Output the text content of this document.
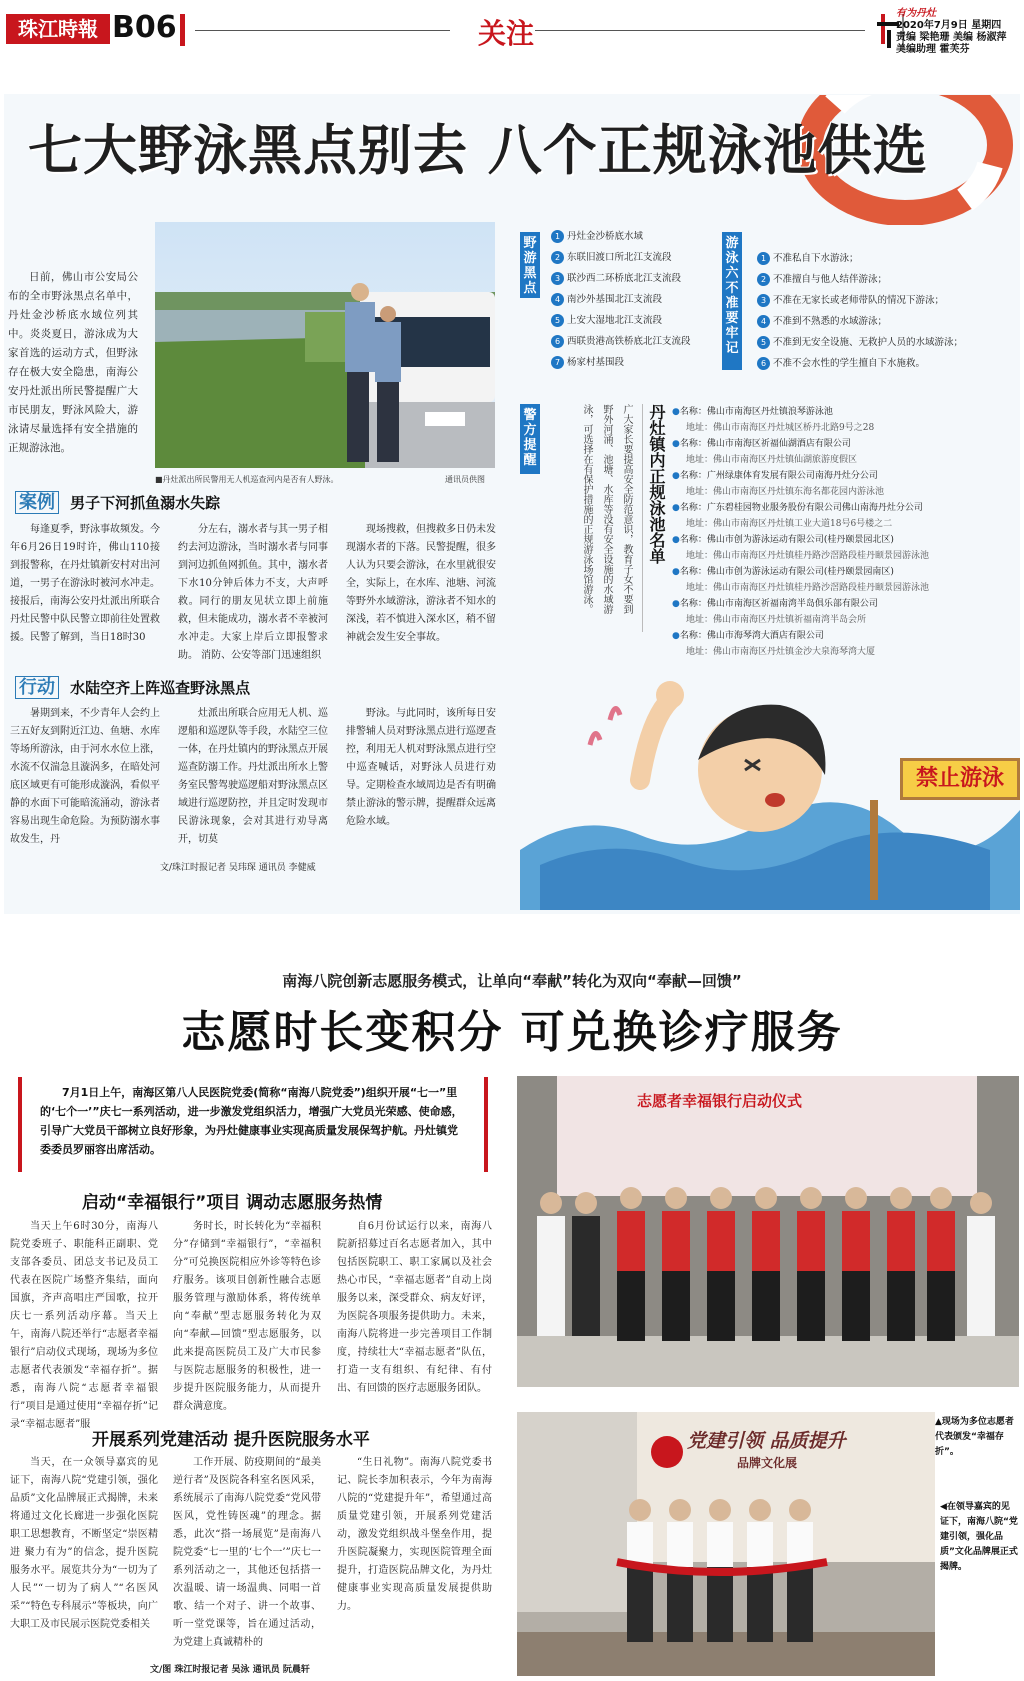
珠江時報 B06	关注
有为丹灶
2020年7月9日 星期四
责编 梁艳珊 美编 杨淑萍
美编助理 霍芙芬
七大野泳黑点别去 八个正规泳池供选

日前，佛山市公安局公布的全市野泳黑点名单中，丹灶金沙桥底水域位列其中。炎炎夏日，游泳成为大家首选的运动方式，但野泳存在极大安全隐患，南海公安丹灶派出所民警提醒广大市民朋友，野泳风险大，游泳请尽量选择有安全措施的正规游泳池。

■丹灶派出所民警用无人机巡查河内是否有人野泳。	通讯员供图
案例 男子下河抓鱼溺水失踪

每逢夏季，野泳事故频发。今年6月26日19时许，佛山110接到报警称，在丹灶镇新安村对出河道，一男子在游泳时被河水冲走。接报后，南海公安丹灶派出所联合丹灶民警中队民警立即前往处置救援。民警了解到，当日18时30

分左右，溺水者与其一男子相约去河边游泳，当时溺水者与同事到河边抓鱼网抓鱼。其中，溺水者下水10分钟后体力不支，大声呼救。同行的朋友见状立即上前施救，但未能成功，溺水者不幸被河水冲走。大家上岸后立即报警求助。 消防、公安等部门迅速组织

现场搜救，但搜救多日仍未发现溺水者的下落。民警提醒，很多人认为只要会游泳，在水里就很安全，实际上，在水库、池塘、河流等野外水域游泳，游泳者不知水的深浅，若不慎进入深水区，稍不留神就会发生安全事故。

行动 水陆空齐上阵巡查野泳黑点

暑期到来，不少青年人会约上三五好友到附近江边、鱼塘、水库等场所游泳，由于河水水位上涨，水流不仅湍急且漩涡多，在暗处河底区域更有可能形成漩涡，看似平静的水面下可能暗流涌动，游泳者容易出现生命危险。为预防溺水事故发生，丹

灶派出所联合应用无人机、巡逻船和巡逻队等手段，水陆空三位一体，在丹灶镇内的野泳黑点开展巡查防溺工作。丹灶派出所水上警务室民警驾驶巡逻船对野泳黑点区域进行巡逻防控，并且定时发现市民游泳现象，会对其进行劝导离开，切莫

野泳。与此同时，该所每日安排警辅人员对野泳黑点进行巡逻查控，利用无人机对野泳黑点进行空中巡查喊话，对野泳人员进行劝导。定期检查水域周边是否有明确禁止游泳的警示牌，提醒群众远离危险水域。

文/珠江时报记者 吴玮琛 通讯员 李健威
野游黑点
1 丹灶金沙桥底水域
2 东联旧渡口所北江支流段
3 联沙西二环桥底北江支流段
4 南沙外基围北江支流段
5 上安大湿地北江支流段
6 西联贵港高铁桥底北江支流段
7 杨家村基围段
游泳 六不准 要牢记
1 不准私自下水游泳；
2 不准擅自与他人结伴游泳；
3 不准在无家长或老师带队的情况下游泳；
4 不准到不熟悉的水域游泳；
5 不准到无安全设施、无救护人员的水域游泳；
6 不准不会水性的学生擅自下水施救。
警方提醒	广大家长要提高安全防范意识，教育子女不要到野外河涌、池塘、水库等没有安全设施的水域游泳，可选择在有保护措施的正规游泳场馆游泳。	丹灶镇内正规泳池名单 ●名称：佛山市南海区丹灶镇浪琴游泳池
地址：佛山市南海区丹灶城区桥丹北路9号之28
●名称：佛山市南海区祈福仙湖酒店有限公司
地址：佛山市南海区丹灶镇仙湖旅游度假区
●名称：广州绿康体育发展有限公司南海丹灶分公司
地址：佛山市南海区丹灶镇东海名都花园内游泳池
●名称：广东碧桂园物业服务股份有限公司佛山南海丹灶分公司
地址：佛山市南海区丹灶镇工业大道18号6号楼之二
●名称：佛山市创为游泳运动有限公司(桂丹颐景园北区)
地址：佛山市南海区丹灶镇桂丹路沙滘路段桂丹颐景园游泳池
●名称：佛山市创为游泳运动有限公司(桂丹颐景园南区)
地址：佛山市南海区丹灶镇桂丹路沙滘路段桂丹颐景园游泳池
●名称：佛山市南海区祈福南湾半岛俱乐部有限公司
地址：佛山市南海区丹灶镇祈福南湾半岛会所
●名称：佛山市海琴湾大酒店有限公司
地址：佛山市南海区丹灶镇金沙大泉海琴湾大厦
禁止游泳
南海八院创新志愿服务模式，让单向“奉献”转化为双向“奉献—回馈”
志愿时长变积分 可兑换诊疗服务

7月1日上午，南海区第八人民医院党委(简称“南海八院党委”)组织开展“七一”里的‘七个一’”庆七一系列活动，进一步激发党组织活力，增强广大党员光荣感、使命感，引导广大党员干部树立良好形象，为丹灶健康事业实现高质量发展保驾护航。丹灶镇党委委员罗丽容出席活动。

启动“幸福银行”项目 调动志愿服务热情

当天上午6时30分，南海八院党委班子、职能科正副职、党支部各委员、团总支书记及员工代表在医院广场整齐集结，面向国旗，齐声高唱庄严国歌，拉开庆七一系列活动序幕。当天上午，南海八院还举行“志愿者幸福银行”启动仪式现场，现场为多位志愿者代表颁发“幸福存折”。据悉，南海八院“志愿者幸福银行”项目是通过使用“幸福存折”记录“幸福志愿者”服

务时长，时长转化为“幸福积分”存储到“幸福银行”，“幸福积分”可兑换医院相应外诊等特色诊疗服务。该项目创新性融合志愿服务管理与激励体系，将传统单向“奉献”型志愿服务转化为双向“奉献—回馈”型志愿服务，以此来提高医院员工及广大市民参与医院志愿服务的积极性，进一步提升医院服务能力，从而提升群众满意度。

自6月份试运行以来，南海八院新招募过百名志愿者加入，其中包括医院职工、职工家属以及社会热心市民，“幸福志愿者”自动上岗服务以来，深受群众、病友好评，为医院各项服务提供助力。未来，南海八院将进一步完善项目工作制度，持续壮大“幸福志愿者”队伍，打造一支有组织、有纪律、有付出、有回馈的医疗志愿服务团队。

开展系列党建活动 提升医院服务水平

当天，在一众领导嘉宾的见证下，南海八院“党建引领，强化品质”文化品牌展正式揭牌，未来将通过文化长廊进一步强化医院职工思想教育，不断坚定“崇医精进 聚力有为”的信念，提升医院服务水平。展览共分为“一切为了人民”“一切为了病人”“名医风采”“特色专科展示”等板块，向广大职工及市民展示医院党委相关

工作开展、防疫期间的“最美逆行者”及医院各科室名医风采，系统展示了南海八院党委“党风带医风，党性铸医魂”的理念。据悉，此次“搭一场展览”是南海八院党委“七一里的‘七个一’”庆七一系列活动之一，其他还包括搭一次温暖、请一场温典、同唱一首歌、结一个对子、讲一个故事、听一堂党课等，旨在通过活动，为党建上真诚精朴的

“生日礼物”。南海八院党委书记、院长李加积表示，今年为南海八院的“党建提升年”，希望通过高质量党建引领，开展系列党建活动，激发党组织战斗堡垒作用，提升医院凝聚力，实现医院管理全面提升，打造医院品牌文化，为丹灶健康事业实现高质量发展提供助力。

文/图 珠江时报记者 吴泳 通讯员 阮晨轩
志愿者幸福银行启动仪式
▲现场为多位志愿者代表颁发“幸福存折”。
党建引领 品质提升
品牌文化展
◀在领导嘉宾的见证下，南海八院“党建引领，强化品质”文化品牌展正式揭牌。
